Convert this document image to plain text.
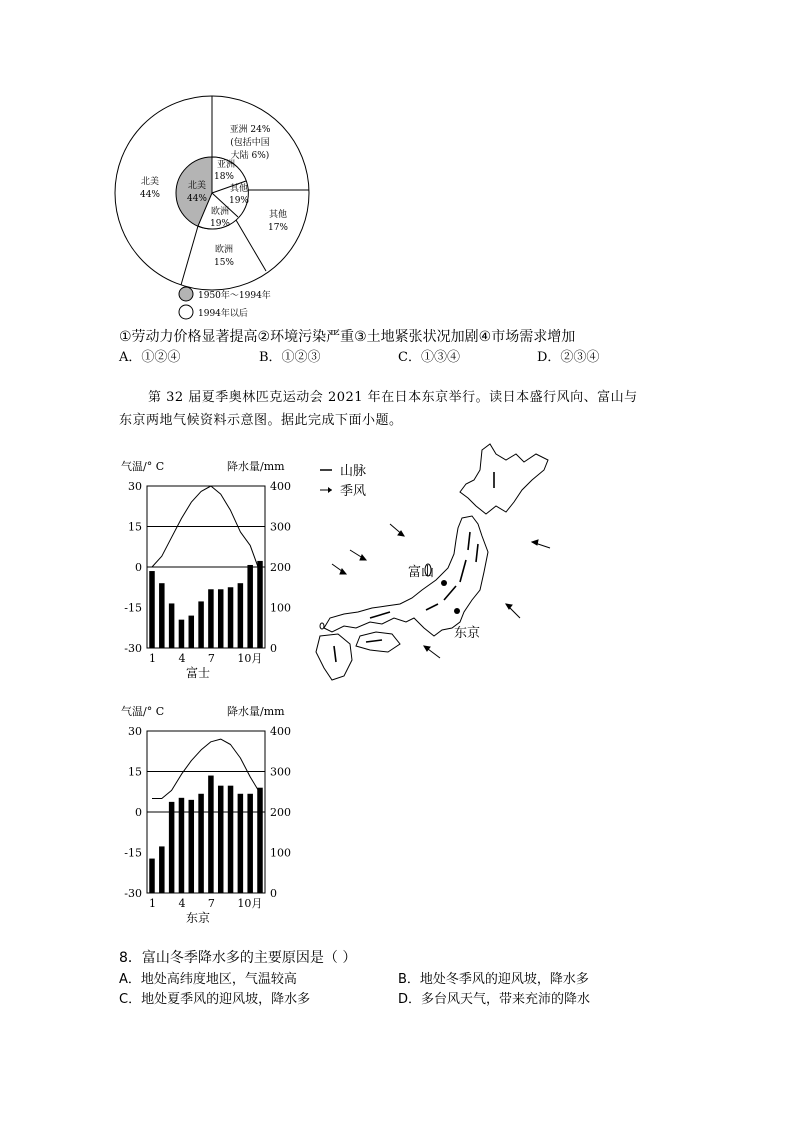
亚洲 24%
(包括中国
大陆 6%)
其他
17%
欧洲
15%
北美
44%
北美
44%
亚洲
18%
其他
19%
欧洲
19%
1950年～1994年
1994年以后
①劳动力价格显著提高②环境污染严重③土地紧张状况加剧④市场需求增加
A．①②④	B．①②③	C．①③④	D．②③④
第 32 届夏季奥林匹克运动会 2021 年在日本东京举行。读日本盛行风向、富山与
东京两地气候资料示意图。据此完成下面小题。
气温/° C	降水量/mm
30
15
0
-15
-30
400
300
200
100
0
1 4 7 10月
富士
气温/° C	降水量/mm
30
15
0
-15
-30
400
300
200
100
0
1 4 7 10月
东京
山脉
季风
富山
东京
8．富山冬季降水多的主要原因是（ ）
A．地处高纬度地区，气温较高	B．地处冬季风的迎风坡，降水多
C．地处夏季风的迎风坡，降水多	D．多台风天气，带来充沛的降水
